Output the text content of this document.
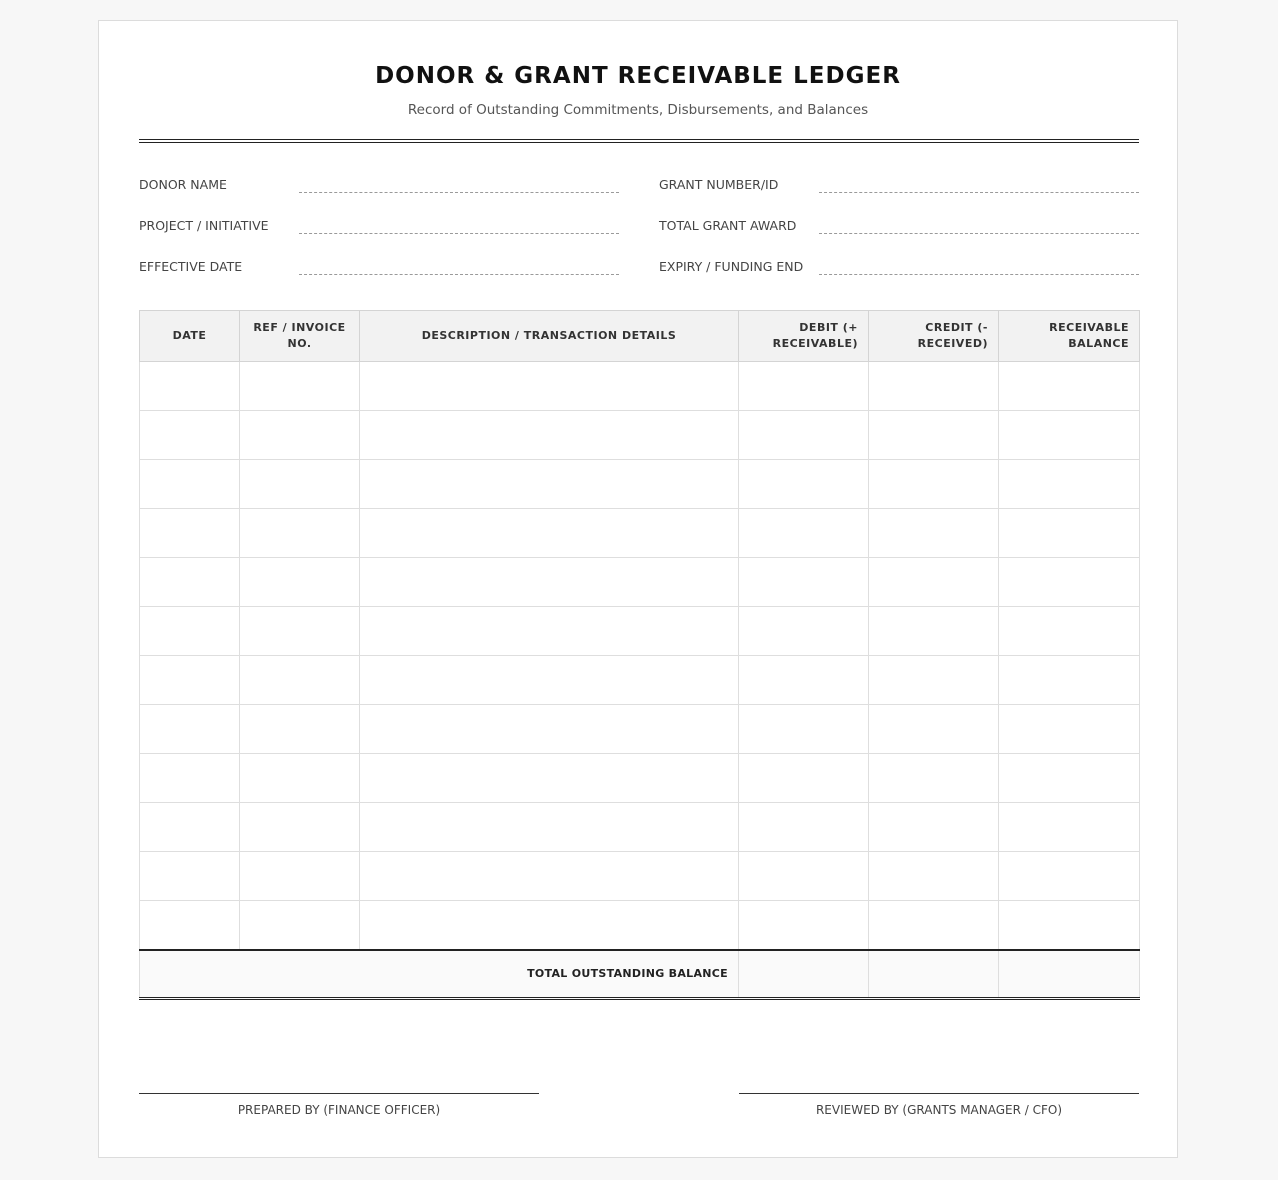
DONOR & GRANT RECEIVABLE LEDGER
Record of Outstanding Commitments, Disbursements, and Balances
DONOR NAME
PROJECT / INITIATIVE
EFFECTIVE DATE
GRANT NUMBER/ID
TOTAL GRANT AWARD
EXPIRY / FUNDING END
DATE	REF / INVOICE NO.	DESCRIPTION / TRANSACTION DETAILS	DEBIT (+ RECEIVABLE)	CREDIT (- RECEIVED)	RECEIVABLE BALANCE

TOTAL OUTSTANDING BALANCE					
PREPARED BY (FINANCE OFFICER)	REVIEWED BY (GRANTS MANAGER / CFO)
